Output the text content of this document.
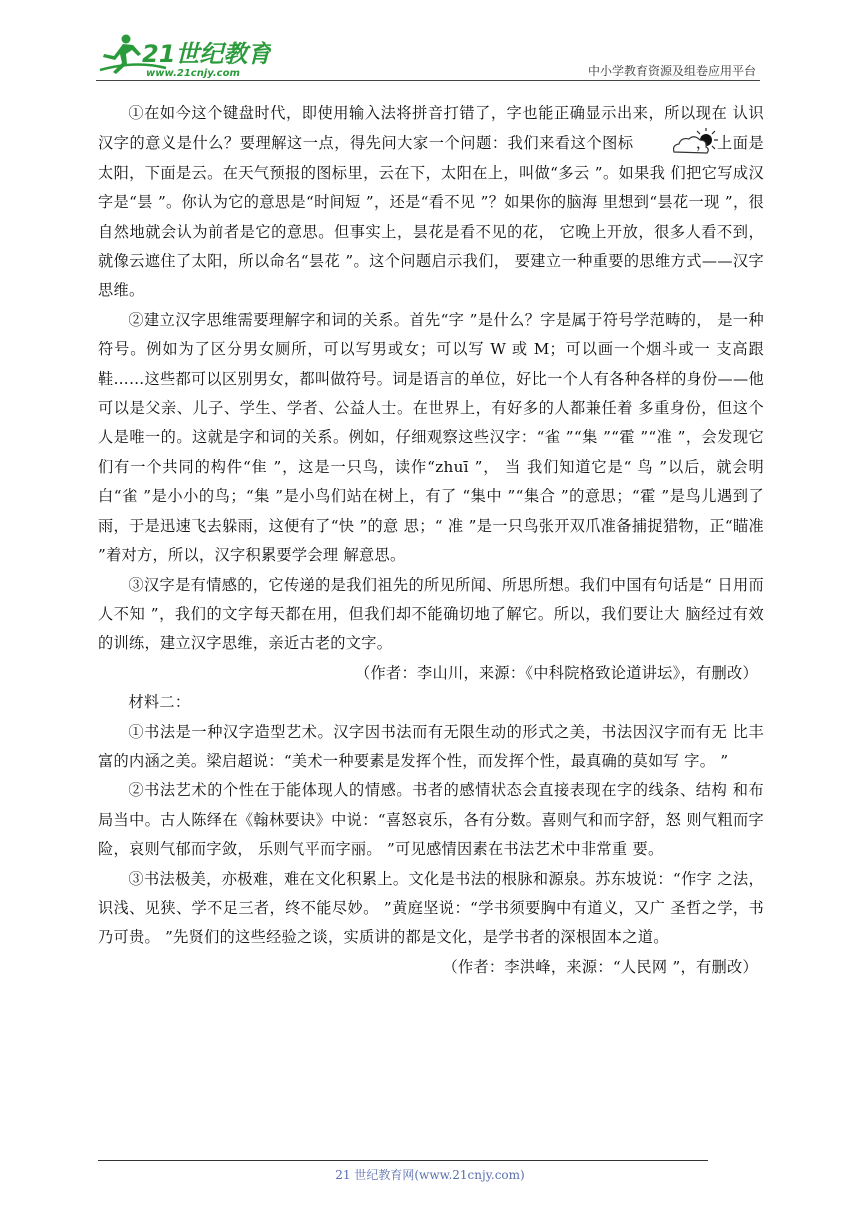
21世纪教育
www.21cnjy.com	中小学教育资源及组卷应用平台

①在如今这个键盘时代，即使用输入法将拼音打错了，字也能正确显示出来，所以现在 认识汉字的意义是什么？要理解这一点，得先问大家一个问题：我们来看这个图标	， 上面是太阳，下面是云。在天气预报的图标里，云在下，太阳在上，叫做“多云 ”。如果我 们把它写成汉字是“昙 ”。你认为它的意思是“时间短 ”，还是“看不见 ”？如果你的脑海 里想到“昙花一现 ”，很自然地就会认为前者是它的意思。但事实上，昙花是看不见的花， 它晚上开放，很多人看不到，就像云遮住了太阳，所以命名“昙花 ”。这个问题启示我们， 要建立一种重要的思维方式——汉字思维。

②建立汉字思维需要理解字和词的关系。首先“字 ”是什么？字是属于符号学范畴的， 是一种符号。例如为了区分男女厕所，可以写男或女；可以写 W 或 M；可以画一个烟斗或一 支高跟鞋……这些都可以区别男女，都叫做符号。词是语言的单位，好比一个人有各种各样的身份——他可以是父亲、儿子、学生、学者、公益人士。在世界上，有好多的人都兼任着 多重身份，但这个人是唯一的。这就是字和词的关系。例如，仔细观察这些汉字：“雀 ”“集 ”“霍 ”“准 ”，会发现它们有一个共同的构件“隹 ”，这是一只鸟，读作“zhuī ”， 当 我们知道它是“ 鸟 ”以后，就会明白“雀 ”是小小的鸟；“集 ”是小鸟们站在树上，有了 “集中 ”“集合 ”的意思；“霍 ”是鸟儿遇到了雨，于是迅速飞去躲雨，这便有了“快 ”的意 思；“ 准 ”是一只鸟张开双爪准备捕捉猎物，正“瞄准 ”着对方，所以，汉字积累要学会理 解意思。

③汉字是有情感的，它传递的是我们祖先的所见所闻、所思所想。我们中国有句话是“ 日用而人不知 ”，我们的文字每天都在用，但我们却不能确切地了解它。所以，我们要让大 脑经过有效的训练，建立汉字思维，亲近古老的文字。

（作者：李山川，来源：《中科院格致论道讲坛》，有删改）

材料二：

①书法是一种汉字造型艺术。汉字因书法而有无限生动的形式之美，书法因汉字而有无 比丰富的内涵之美。梁启超说：“美术一种要素是发挥个性，而发挥个性，最真确的莫如写 字。 ”

②书法艺术的个性在于能体现人的情感。书者的感情状态会直接表现在字的线条、结构 和布局当中。古人陈绎在《翰林要诀》中说：“喜怒哀乐，各有分数。喜则气和而字舒，怒 则气粗而字险，哀则气郁而字敛， 乐则气平而字丽。 ”可见感情因素在书法艺术中非常重 要。

③书法极美，亦极难，难在文化积累上。文化是书法的根脉和源泉。苏东坡说：“作字 之法，识浅、见狭、学不足三者，终不能尽妙。 ”黄庭坚说：“学书须要胸中有道义，又广 圣哲之学，书乃可贵。 ”先贤们的这些经验之谈，实质讲的都是文化，是学书者的深根固本之道。

（作者：李洪峰，来源：“人民网 ”，有删改）

21 世纪教育网(www.21cnjy.com)
